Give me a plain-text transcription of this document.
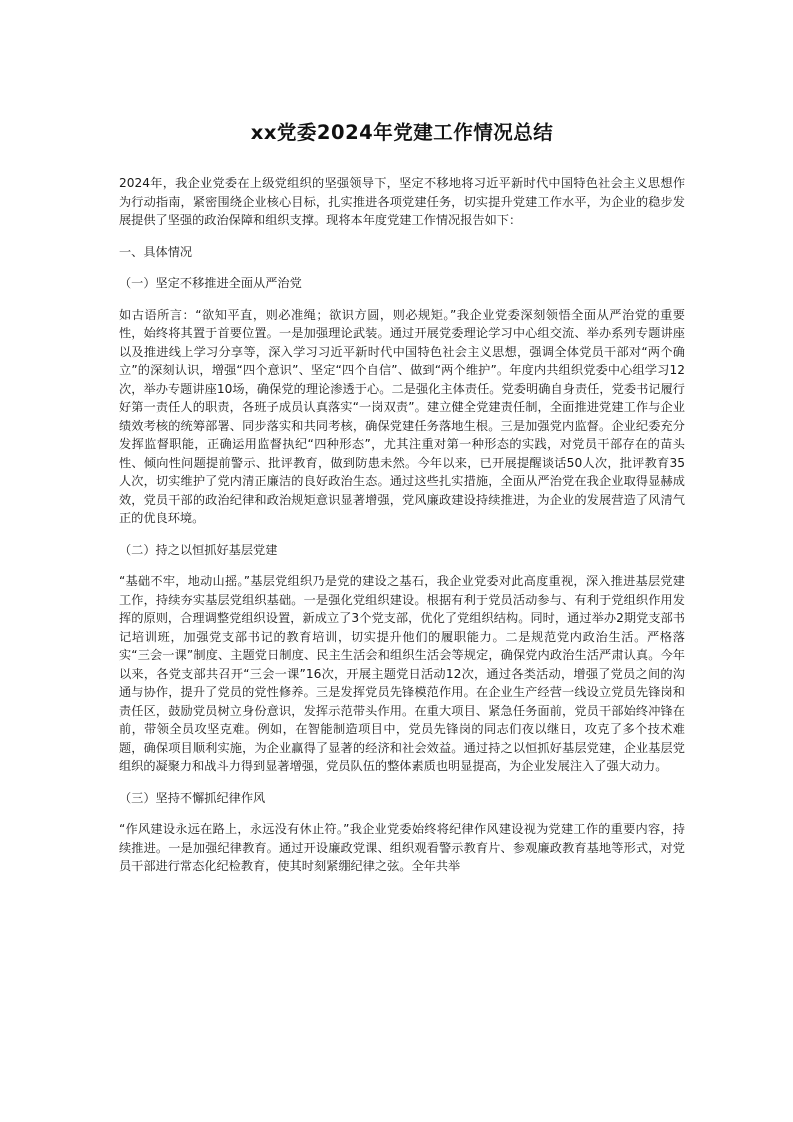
xx党委2024年党建工作情况总结

2024年，我企业党委在上级党组织的坚强领导下，坚定不移地将习近平新时代中国特色社会主义思想作为行动指南，紧密围绕企业核心目标，扎实推进各项党建任务，切实提升党建工作水平，为企业的稳步发展提供了坚强的政治保障和组织支撑。现将本年度党建工作情况报告如下：

一、具体情况

（一）坚定不移推进全面从严治党

如古语所言：“欲知平直，则必准绳；欲识方圆，则必规矩。”我企业党委深刻领悟全面从严治党的重要性，始终将其置于首要位置。一是加强理论武装。通过开展党委理论学习中心组交流、举办系列专题讲座以及推进线上学习分享等，深入学习习近平新时代中国特色社会主义思想，强调全体党员干部对“两个确立”的深刻认识，增强“四个意识”、坚定“四个自信”、做到“两个维护”。年度内共组织党委中心组学习12次，举办专题讲座10场，确保党的理论渗透于心。二是强化主体责任。党委明确自身责任，党委书记履行好第一责任人的职责，各班子成员认真落实“一岗双责”。建立健全党建责任制，全面推进党建工作与企业绩效考核的统筹部署、同步落实和共同考核，确保党建任务落地生根。三是加强党内监督。企业纪委充分发挥监督职能，正确运用监督执纪“四种形态”，尤其注重对第一种形态的实践，对党员干部存在的苗头性、倾向性问题提前警示、批评教育，做到防患未然。今年以来，已开展提醒谈话50人次，批评教育35人次，切实维护了党内清正廉洁的良好政治生态。通过这些扎实措施，全面从严治党在我企业取得显赫成效，党员干部的政治纪律和政治规矩意识显著增强，党风廉政建设持续推进，为企业的发展营造了风清气正的优良环境。

（二）持之以恒抓好基层党建

“基础不牢，地动山摇。”基层党组织乃是党的建设之基石，我企业党委对此高度重视，深入推进基层党建工作，持续夯实基层党组织基础。一是强化党组织建设。根据有利于党员活动参与、有利于党组织作用发挥的原则，合理调整党组织设置，新成立了3个党支部，优化了党组织结构。同时，通过举办2期党支部书记培训班，加强党支部书记的教育培训，切实提升他们的履职能力。二是规范党内政治生活。严格落实“三会一课”制度、主题党日制度、民主生活会和组织生活会等规定，确保党内政治生活严肃认真。今年以来，各党支部共召开“三会一课”16次，开展主题党日活动12次，通过各类活动，增强了党员之间的沟通与协作，提升了党员的党性修养。三是发挥党员先锋模范作用。在企业生产经营一线设立党员先锋岗和责任区，鼓励党员树立身份意识，发挥示范带头作用。在重大项目、紧急任务面前，党员干部始终冲锋在前，带领全员攻坚克难。例如，在智能制造项目中，党员先锋岗的同志们夜以继日，攻克了多个技术难题，确保项目顺利实施，为企业赢得了显著的经济和社会效益。通过持之以恒抓好基层党建，企业基层党组织的凝聚力和战斗力得到显著增强，党员队伍的整体素质也明显提高，为企业发展注入了强大动力。

（三）坚持不懈抓纪律作风

“作风建设永远在路上，永远没有休止符。”我企业党委始终将纪律作风建设视为党建工作的重要内容，持续推进。一是加强纪律教育。通过开设廉政党课、组织观看警示教育片、参观廉政教育基地等形式，对党员干部进行常态化纪检教育，使其时刻紧绷纪律之弦。全年共举
